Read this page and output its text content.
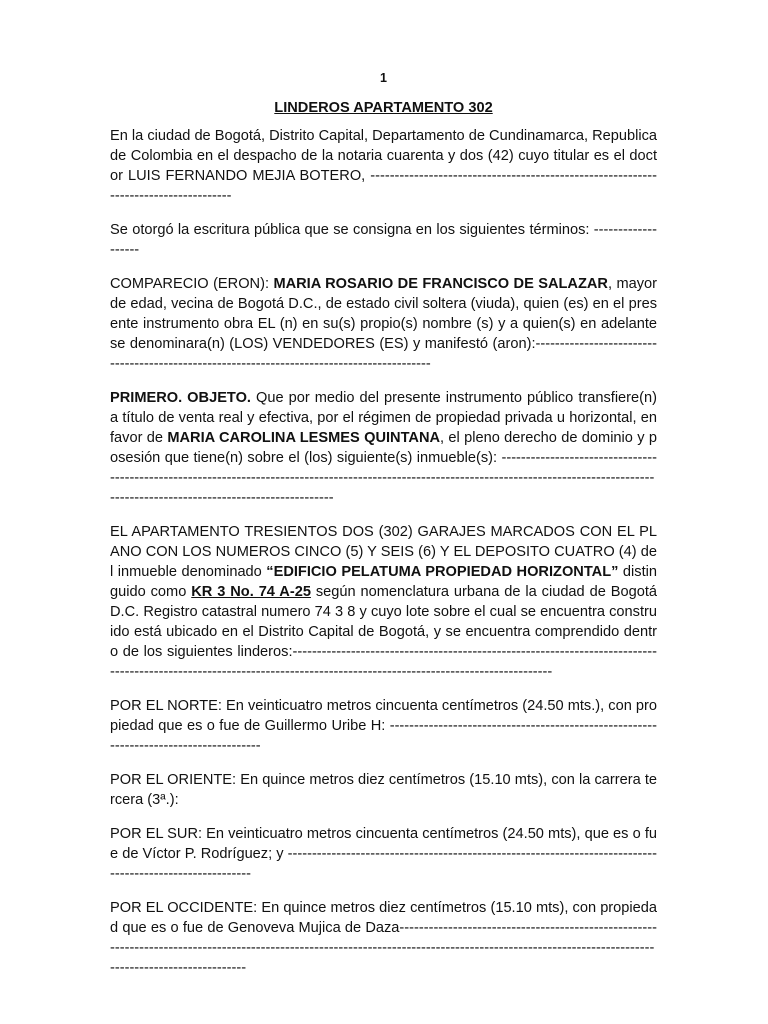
1
LINDEROS APARTAMENTO 302

En la ciudad de Bogotá, Distrito Capital, Departamento de Cundinamarca, Republica de Colombia en el despacho de la notaria cuarenta y dos (42) cuyo titular es el doctor LUIS FERNANDO MEJIA BOTERO, ------------------------------------------------------------------------------------

Se otorgó la escritura pública que se consigna en los siguientes términos: -------------------

COMPARECIO (ERON): MARIA ROSARIO DE FRANCISCO DE SALAZAR, mayor de edad, vecina de Bogotá D.C., de estado civil soltera (viuda), quien (es) en el presente instrumento obra EL (n) en su(s) propio(s) nombre (s) y a quien(s) en adelante se denominara(n) (LOS) VENDEDORES (ES) y manifestó (aron):-------------------------------------------------------------------------------------------

PRIMERO. OBJETO. Que por medio del presente instrumento público transfiere(n) a título de venta real y efectiva, por el régimen de propiedad privada u horizontal, en favor de MARIA CAROLINA LESMES QUINTANA, el pleno derecho de dominio y posesión que tiene(n) sobre el (los) siguiente(s) inmueble(s): ----------------------------------------------------------------------------------------------------------------------------------------------------------------------------------------------

EL APARTAMENTO TRESIENTOS DOS (302) GARAJES MARCADOS CON EL PLANO CON LOS NUMEROS CINCO (5) Y SEIS (6) Y EL DEPOSITO CUATRO (4) del inmueble denominado “EDIFICIO PELATUMA PROPIEDAD HORIZONTAL” distinguido como KR 3 No. 74 A-25 según nomenclatura urbana de la ciudad de Bogotá D.C. Registro catastral numero 74 3 8 y cuyo lote sobre el cual se encuentra construido está ubicado en el Distrito Capital de Bogotá, y se encuentra comprendido dentro de los siguientes linderos:----------------------------------------------------------------------------------------------------------------------------------------------------------------------

POR EL NORTE: En veinticuatro metros cincuenta centímetros (24.50 mts.), con propiedad que es o fue de Guillermo Uribe H: --------------------------------------------------------------------------------------

POR EL ORIENTE: En quince metros diez centímetros (15.10 mts), con la carrera tercera (3ª.):

POR EL SUR: En veinticuatro metros cincuenta centímetros (24.50 mts), que es o fue de Víctor P. Rodríguez; y ---------------------------------------------------------------------------------------------------------

POR EL OCCIDENTE: En quince metros diez centímetros (15.10 mts), con propiedad que es o fue de Genoveva Mujica de Daza-------------------------------------------------------------------------------------------------------------------------------------------------------------------------------------------------
